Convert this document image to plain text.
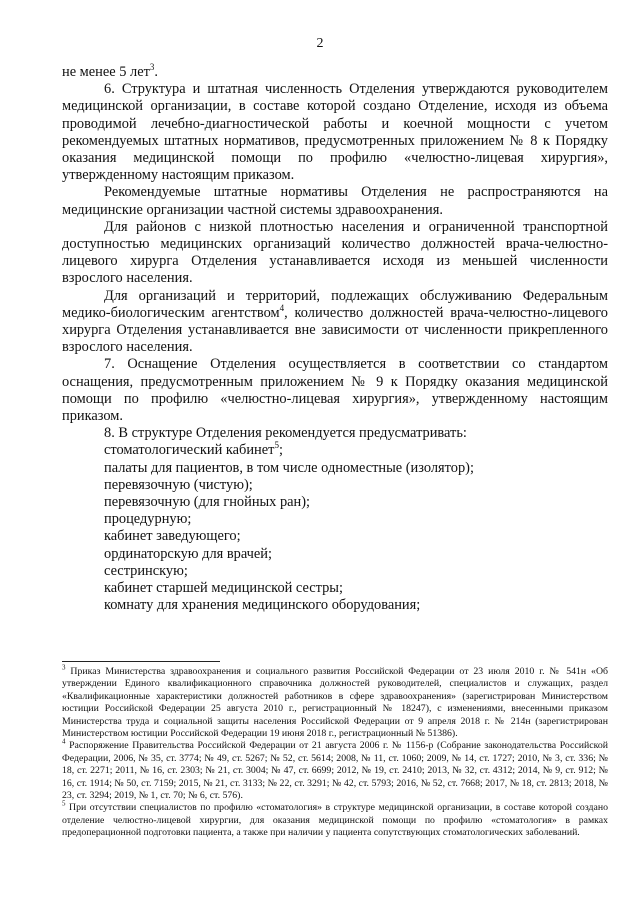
2

не менее 5 лет$^3$.

6. Структура и штатная численность Отделения утверждаются руководителем медицинской организации, в составе которой создано Отделение, исходя из объема проводимой лечебно-диагностической работы и коечной мощности с учетом рекомендуемых штатных нормативов, предусмотренных приложением № 8 к Порядку оказания медицинской помощи по профилю «челюстно-лицевая хирургия», утвержденному настоящим приказом.

Рекомендуемые штатные нормативы Отделения не распространяются на медицинские организации частной системы здравоохранения.

Для районов с низкой плотностью населения и ограниченной транспортной доступностью медицинских организаций количество должностей врача-челюстно-лицевого хирурга Отделения устанавливается исходя из меньшей численности взрослого населения.

Для организаций и территорий, подлежащих обслуживанию Федеральным медико-биологическим агентством$^4$, количество должностей врача-челюстно-лицевого хирурга Отделения устанавливается вне зависимости от численности прикрепленного взрослого населения.

7. Оснащение Отделения осуществляется в соответствии со стандартом оснащения, предусмотренным приложением № 9 к Порядку оказания медицинской помощи по профилю «челюстно-лицевая хирургия», утвержденному настоящим приказом.

8. В структуре Отделения рекомендуется предусматривать:

стоматологический кабинет$^5$;
палаты для пациентов, в том числе одноместные (изолятор);
перевязочную (чистую);
перевязочную (для гнойных ран);
процедурную;
кабинет заведующего;
ординаторскую для врачей;
сестринскую;
кабинет старшей медицинской сестры;
комнату для хранения медицинского оборудования;

$^3$ Приказ Министерства здравоохранения и социального развития Российской Федерации от 23 июля 2010 г. № 541н «Об утверждении Единого квалификационного справочника должностей руководителей, специалистов и служащих, раздел «Квалификационные характеристики должностей работников в сфере здравоохранения» (зарегистрирован Министерством юстиции Российской Федерации 25 августа 2010 г., регистрационный № 18247), с изменениями, внесенными приказом Министерства труда и социальной защиты населения Российской Федерации от 9 апреля 2018 г. № 214н (зарегистрирован Министерством юстиции Российской Федерации 19 июня 2018 г., регистрационный № 51386).

$^4$ Распоряжение Правительства Российской Федерации от 21 августа 2006 г. № 1156-р (Собрание законодательства Российской Федерации, 2006, № 35, ст. 3774; № 49, ст. 5267; № 52, ст. 5614; 2008, № 11, ст. 1060; 2009, № 14, ст. 1727; 2010, № 3, ст. 336; № 18, ст. 2271; 2011, № 16, ст. 2303; № 21, ст. 3004; № 47, ст. 6699; 2012, № 19, ст. 2410; 2013, № 32, ст. 4312; 2014, № 9, ст. 912; № 16, ст. 1914; № 50, ст. 7159; 2015, № 21, ст. 3133; № 22, ст. 3291; № 42, ст. 5793; 2016, № 52, ст. 7668; 2017, № 18, ст. 2813; 2018, № 23, ст. 3294; 2019, № 1, ст. 70; № 6, ст. 576).

$^5$ При отсутствии специалистов по профилю «стоматология» в структуре медицинской организации, в составе которой создано отделение челюстно-лицевой хирургии, для оказания медицинской помощи по профилю «стоматология» в рамках предоперационной подготовки пациента, а также при наличии у пациента сопутствующих стоматологических заболеваний.
